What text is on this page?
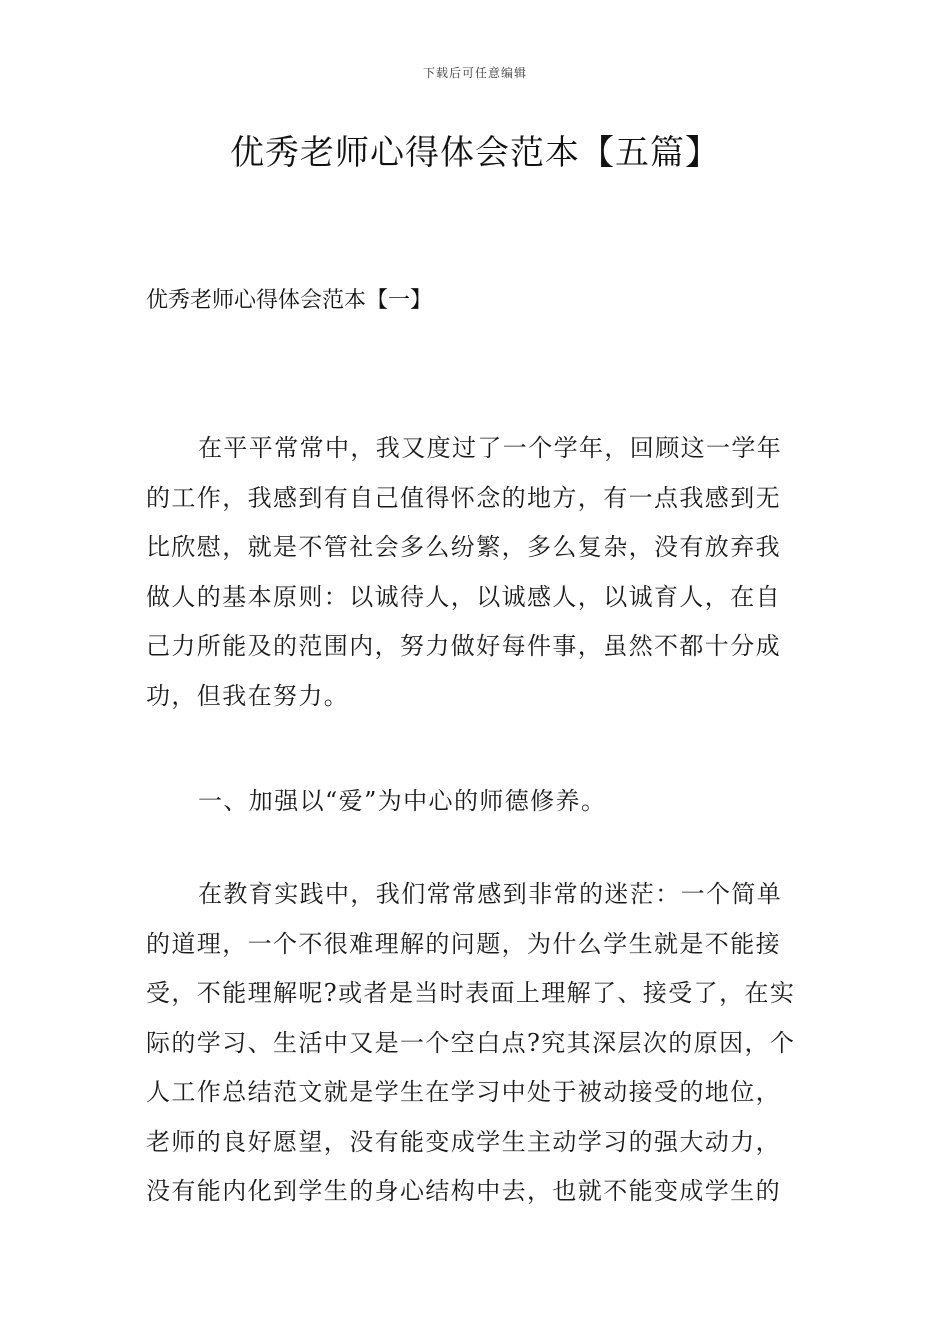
下载后可任意编辑
优秀老师心得体会范本【五篇】
优秀老师心得体会范本【一】
在平平常常中，我又度过了一个学年，回顾这一学年
的工作，我感到有自己值得怀念的地方，有一点我感到无
比欣慰，就是不管社会多么纷繁，多么复杂，没有放弃我
做人的基本原则：以诚待人，以诚感人，以诚育人，在自
己力所能及的范围内，努力做好每件事，虽然不都十分成
功，但我在努力。
一、加强以“爱”为中心的师德修养。
在教育实践中，我们常常感到非常的迷茫：一个简单
的道理，一个不很难理解的问题，为什么学生就是不能接
受，不能理解呢?或者是当时表面上理解了、接受了，在实
际的学习、生活中又是一个空白点?究其深层次的原因，个
人工作总结范文就是学生在学习中处于被动接受的地位，
老师的良好愿望，没有能变成学生主动学习的强大动力，
没有能内化到学生的身心结构中去，也就不能变成学生的
